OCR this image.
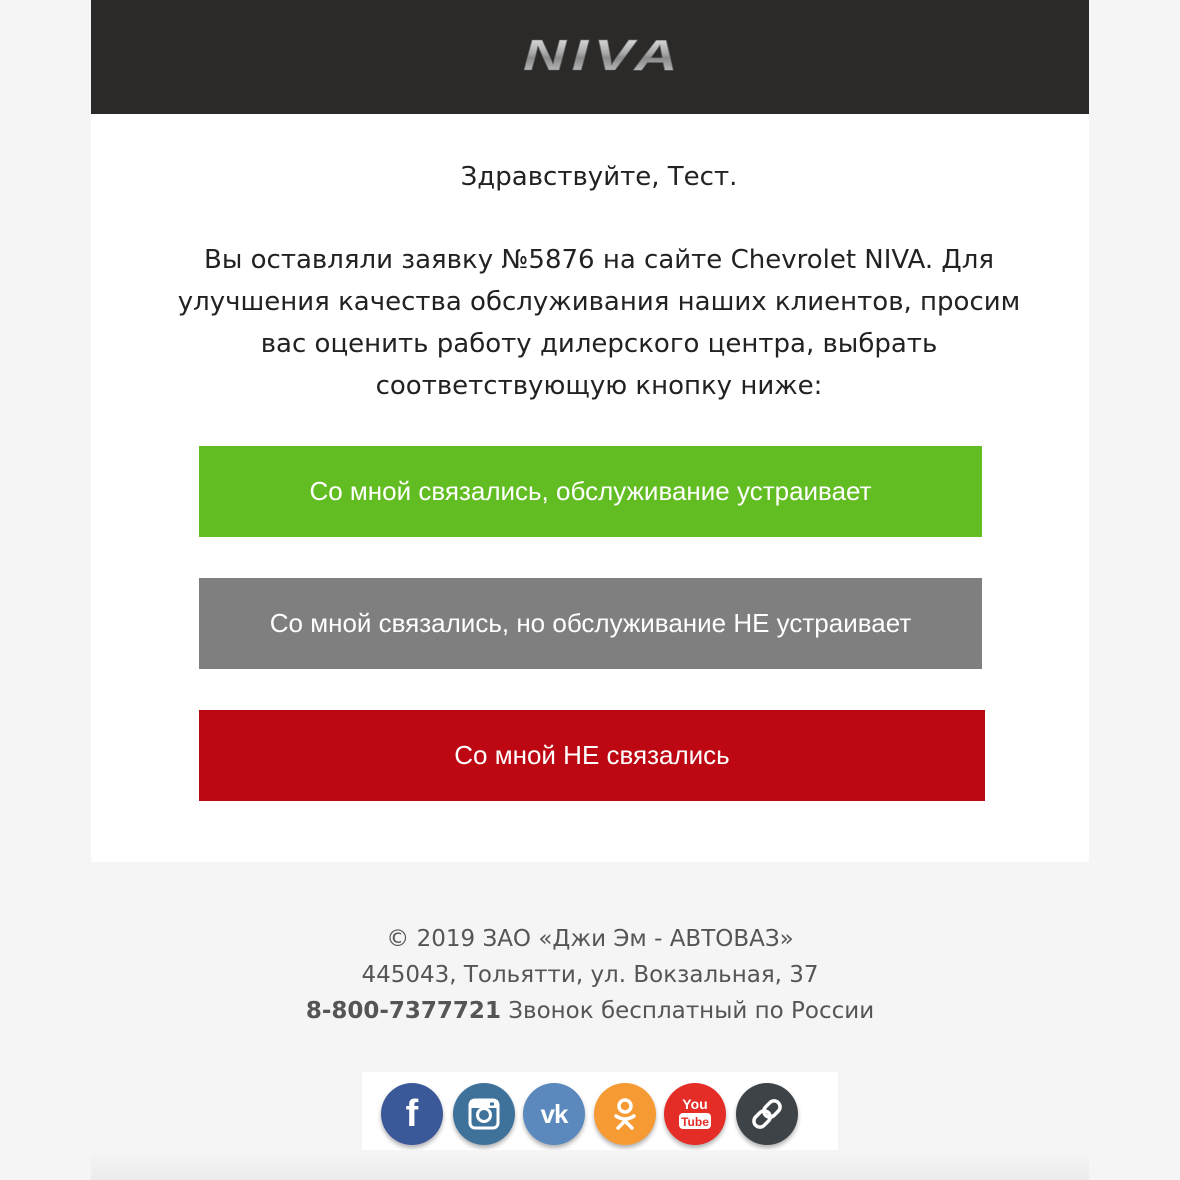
NIVA
Здравствуйте, Тест.
Вы оставляли заявку №5876 на сайте Chevrolet NIVA. Для
улучшения качества обслуживания наших клиентов, просим
вас оценить работу дилерского центра, выбрать
соответствующую кнопку ниже:
Со мной связались, обслуживание устраивает
Со мной связались, но обслуживание НЕ устраивает
Со мной НЕ связались
© 2019 ЗАО «Джи Эм - АВТОВАЗ»
445043, Тольятти, ул. Вокзальная, 37
8-800-7377721 Звонок бесплатный по России
f	vk	You
Tube
